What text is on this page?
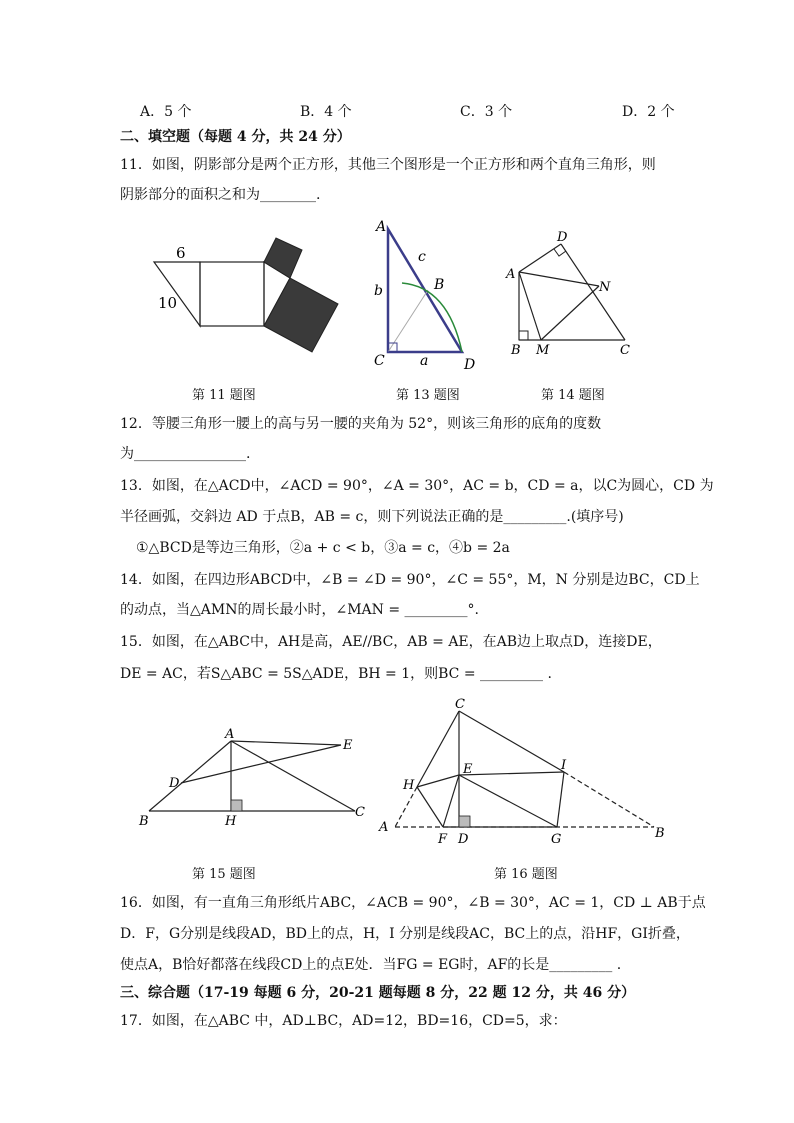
A．5 个	B．4 个	C．3 个	D．2 个
二、填空题（每题 4 分，共 24 分）
11．如图，阴影部分是两个正方形，其他三个图形是一个正方形和两个直角三角形，则
阴影部分的面积之和为________.
6
10
第 11 题图
A
B
C	D
a
b
c
第 13 题图
A
B	C
D
M
N
第 14 题图
12．等腰三角形一腰上的高与另一腰的夹角为 52°，则该三角形的底角的度数
为________________.
13．如图，在△ACD中，∠ACD = 90°，∠A = 30°，AC = b，CD = a，以C为圆心，CD 为
半径画弧，交斜边 AD 于点B，AB = c，则下列说法正确的是_________.(填序号)
①△BCD是等边三角形，②a + c < b，③a = c，④b = 2a
14．如图，在四边形ABCD中，∠B = ∠D = 90°，∠C = 55°，M，N 分别是边BC，CD上
的动点，当△AMN的周长最小时，∠MAN = _________°.
15．如图，在△ABC中，AH是高，AE//BC，AB = AE，在AB边上取点D，连接DE，
DE = AC，若S△ABC = 5S△ADE，BH = 1，则BC = _________ .
A
B
C
D
E
H
第 15 题图
C
A	B
D
E
F	G
H
I
第 16 题图
16．如图，有一直角三角形纸片ABC，∠ACB = 90°，∠B = 30°，AC = 1，CD ⊥ AB于点
D．F，G分别是线段AD，BD上的点，H，I 分别是线段AC，BC上的点，沿HF，GI折叠，
使点A，B恰好都落在线段CD上的点E处．当FG = EG时，AF的长是_________ .
三、综合题（17-19 每题 6 分，20-21 题每题 8 分，22 题 12 分，共 46 分）
17．如图，在△ABC 中，AD⊥BC，AD=12，BD=16，CD=5，求：
